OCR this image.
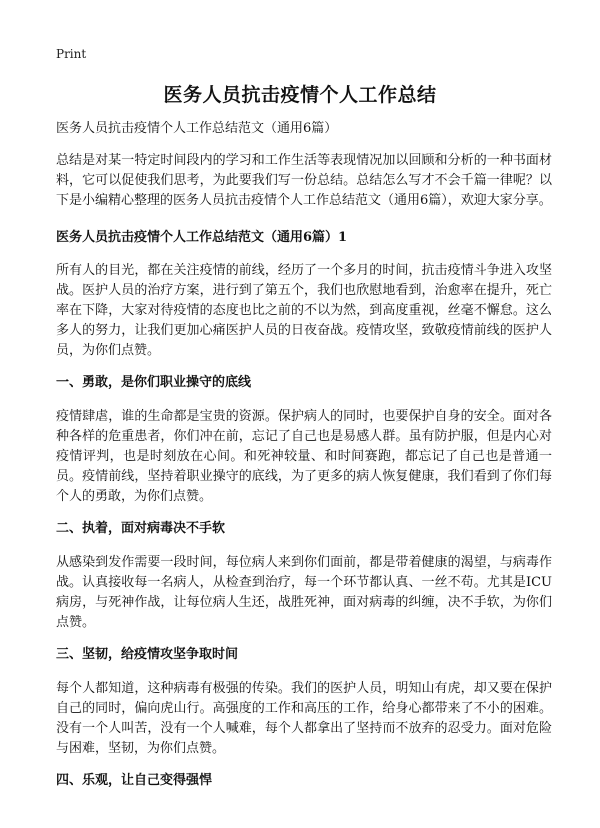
Print
医务人员抗击疫情个人工作总结

医务人员抗击疫情个人工作总结范文（通用6篇）

总结是对某一特定时间段内的学习和工作生活等表现情况加以回顾和分析的一种书面材料，它可以促使我们思考，为此要我们写一份总结。总结怎么写才不会千篇一律呢？以下是小编精心整理的医务人员抗击疫情个人工作总结范文（通用6篇），欢迎大家分享。

医务人员抗击疫情个人工作总结范文（通用6篇）1

所有人的目光，都在关注疫情的前线，经历了一个多月的时间，抗击疫情斗争进入攻坚战。医护人员的治疗方案，进行到了第五个，我们也欣慰地看到，治愈率在提升，死亡率在下降，大家对待疫情的态度也比之前的不以为然，到高度重视，丝毫不懈怠。这么多人的努力，让我们更加心痛医护人员的日夜奋战。疫情攻坚，致敬疫情前线的医护人员，为你们点赞。

一、勇敢，是你们职业操守的底线

疫情肆虐，谁的生命都是宝贵的资源。保护病人的同时，也要保护自身的安全。面对各种各样的危重患者，你们冲在前，忘记了自己也是易感人群。虽有防护服，但是内心对疫情评判，也是时刻放在心间。和死神较量、和时间赛跑，都忘记了自己也是普通一员。疫情前线，坚持着职业操守的底线，为了更多的病人恢复健康，我们看到了你们每个人的勇敢，为你们点赞。

二、执着，面对病毒决不手软

从感染到发作需要一段时间，每位病人来到你们面前，都是带着健康的渴望，与病毒作战。认真接收每一名病人，从检查到治疗，每一个环节都认真、一丝不苟。尤其是ICU病房，与死神作战，让每位病人生还，战胜死神，面对病毒的纠缠，决不手软，为你们点赞。

三、坚韧，给疫情攻坚争取时间

每个人都知道，这种病毒有极强的传染。我们的医护人员，明知山有虎，却又要在保护自己的同时，偏向虎山行。高强度的工作和高压的工作，给身心都带来了不小的困难。没有一个人叫苦，没有一个人喊难，每个人都拿出了坚持而不放弃的忍受力。面对危险与困难，坚韧，为你们点赞。

四、乐观，让自己变得强悍
